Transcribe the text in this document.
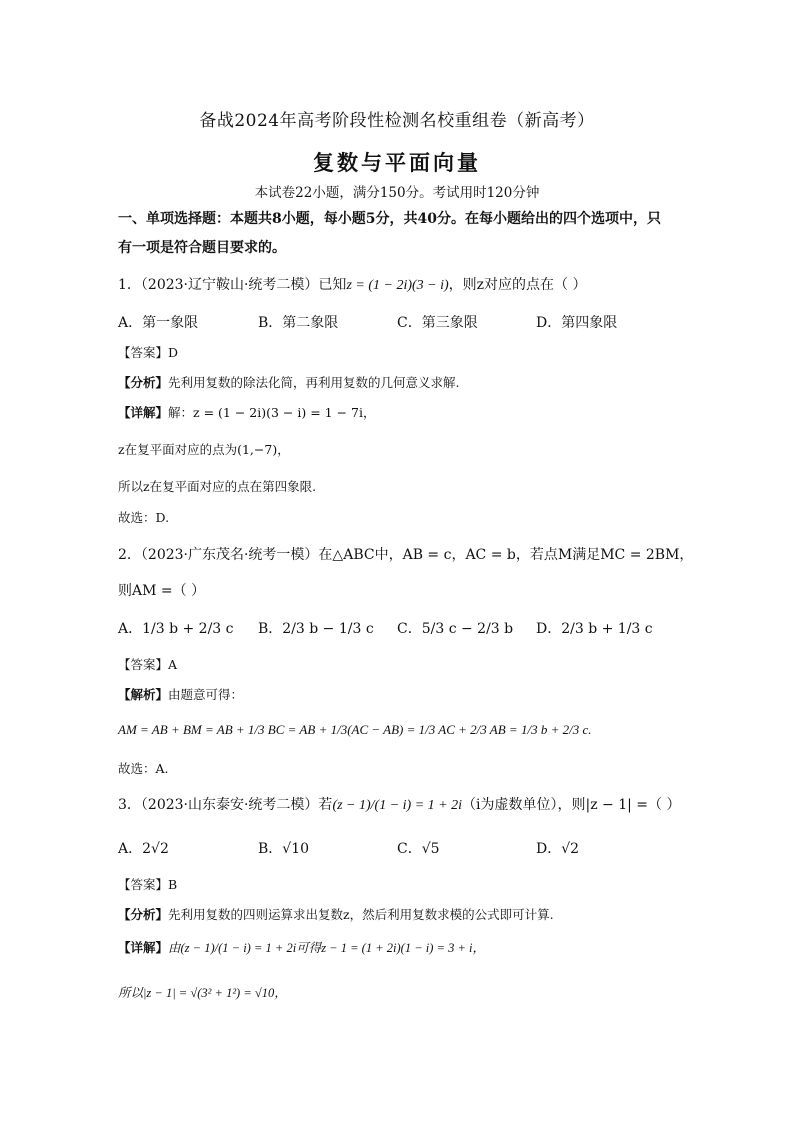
备战2024年高考阶段性检测名校重组卷（新高考）
复数与平面向量
本试卷22小题，满分150分。考试用时120分钟
一、单项选择题：本题共8小题，每小题5分，共40分。在每小题给出的四个选项中，只
有一项是符合题目要求的。
1．（2023·辽宁鞍山·统考二模）已知z = (1 − 2i)(3 − i)，则z对应的点在（ ）
A．第一象限	B．第二象限	C．第三象限	D．第四象限
【答案】D
【分析】先利用复数的除法化简，再利用复数的几何意义求解.
【详解】解：z = (1 − 2i)(3 − i) = 1 − 7i，
z在复平面对应的点为(1,−7)，
所以z在复平面对应的点在第四象限.
故选：D.
2．（2023·广东茂名·统考一模）在△ABC中，AB = c，AC = b，若点M满足MC = 2BM，
则AM =（ ）
A．1/3 b + 2/3 c B．2/3 b − 1/3 c C．5/3 c − 2/3 b D．2/3 b + 1/3 c
【答案】A
【解析】由题意可得：
AM = AB + BM = AB + 1/3 BC = AB + 1/3(AC − AB) = 1/3 AC + 2/3 AB = 1/3 b + 2/3 c.
故选：A.
3．（2023·山东泰安·统考二模）若(z − 1)/(1 − i) = 1 + 2i（i为虚数单位），则|z − 1| =（ ）
A．2√2	B．√10	C．√5	D．√2
【答案】B
【分析】先利用复数的四则运算求出复数z，然后利用复数求模的公式即可计算.
【详解】由(z − 1)/(1 − i) = 1 + 2i可得z − 1 = (1 + 2i)(1 − i) = 3 + i，
所以|z − 1| = √(3² + 1²) = √10，
